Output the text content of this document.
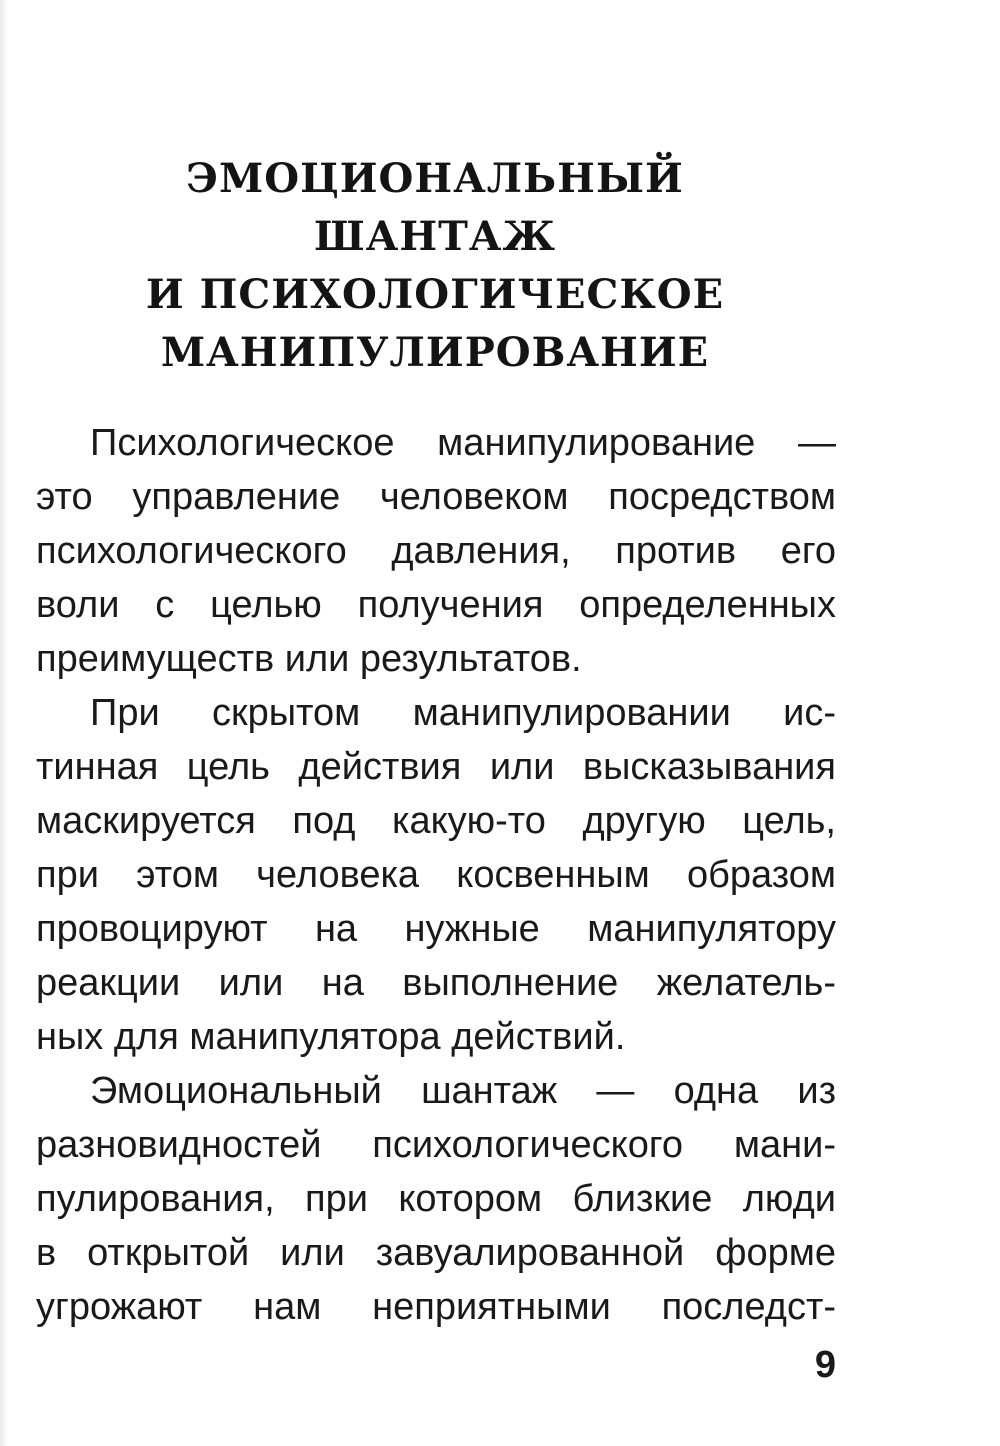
ЭМОЦИОНАЛЬНЫЙ
ШАНТАЖ
И ПСИХОЛОГИЧЕСКОЕ
МАНИПУЛИРОВАНИЕ
Психологическое манипулирование —
это управление человеком посредством
психологического давления, против его
воли с целью получения определенных
преимуществ или результатов.
При скрытом манипулировании ис-
тинная цель действия или высказывания
маскируется под какую-то другую цель,
при этом человека косвенным образом
провоцируют на нужные манипулятору
реакции или на выполнение желатель-
ных для манипулятора действий.
Эмоциональный шантаж — одна из
разновидностей психологического мани-
пулирования, при котором близкие люди
в открытой или завуалированной форме
угрожают нам неприятными последст-
9
